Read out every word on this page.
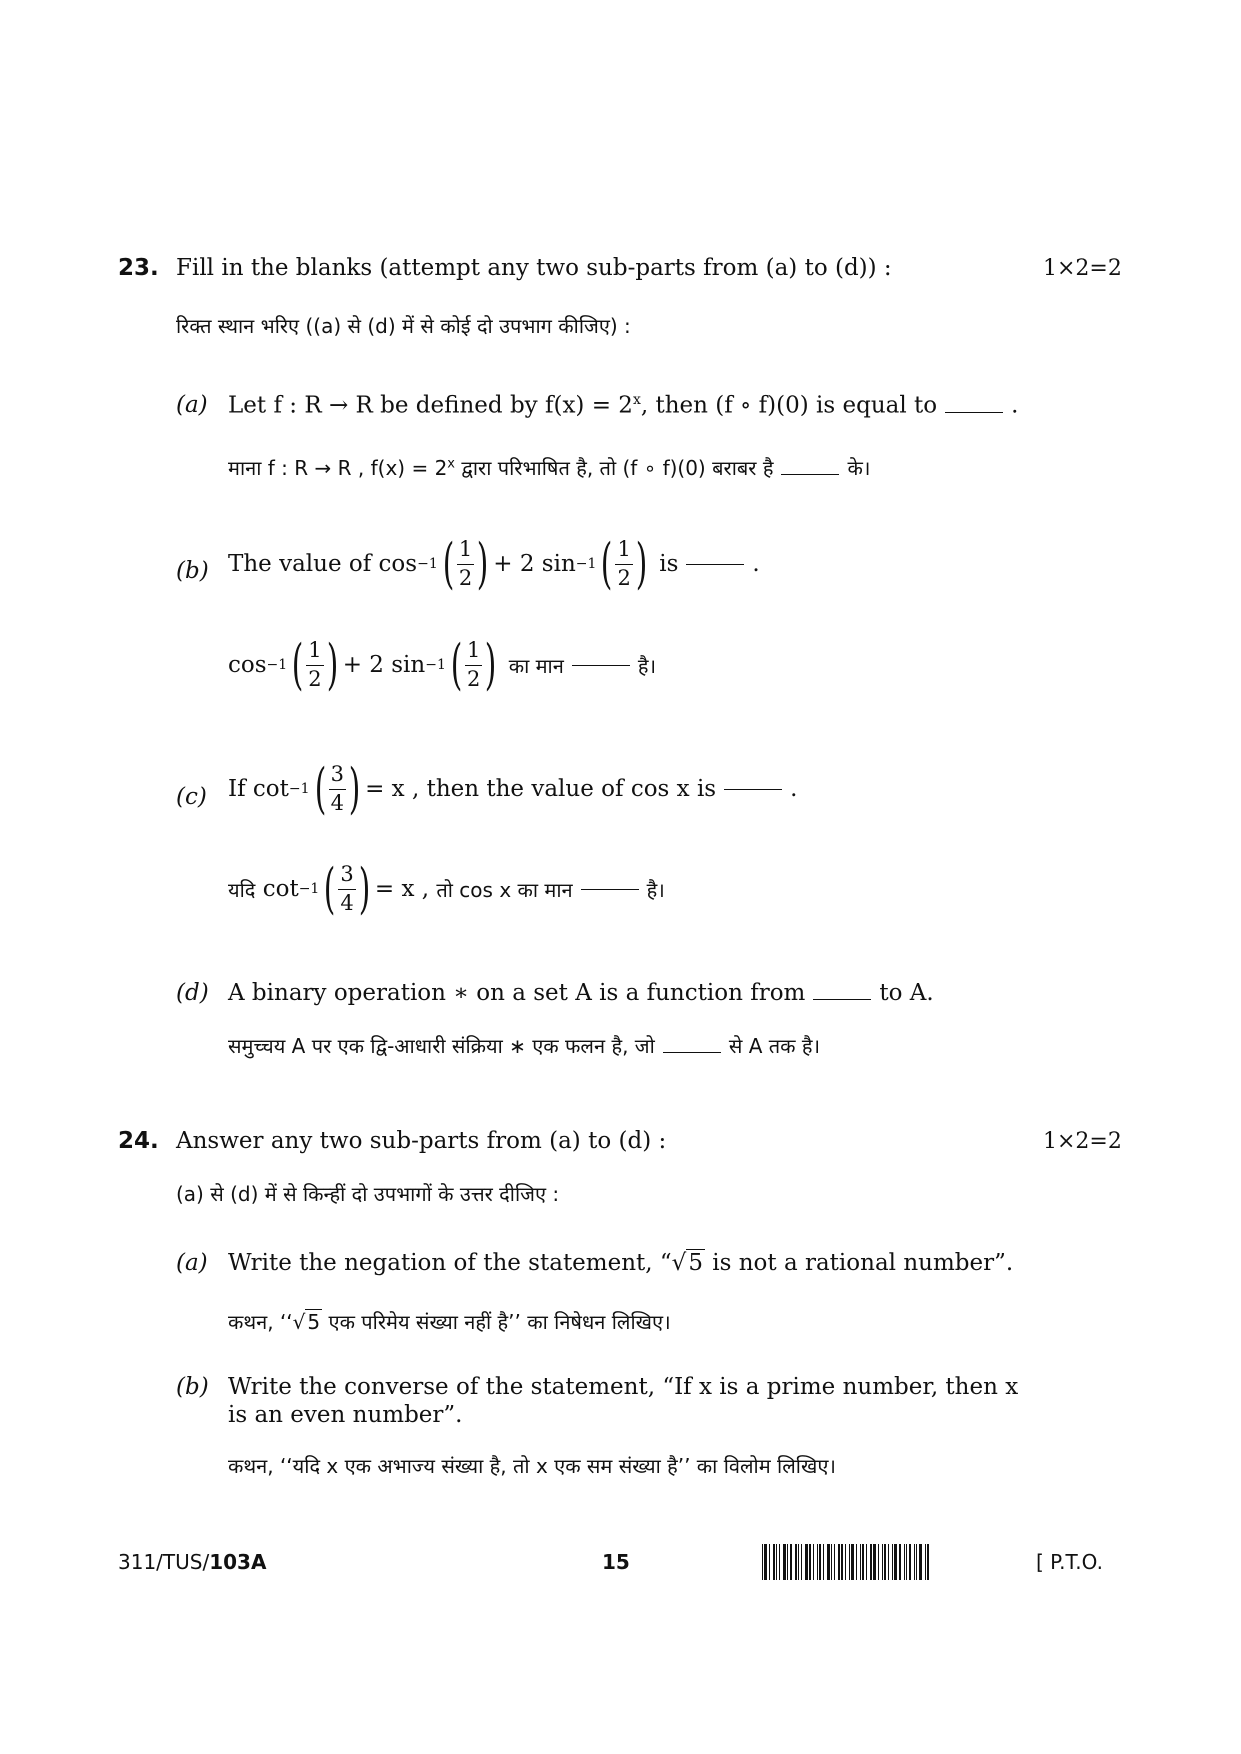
23. Fill in the blanks (attempt any two sub-parts from (a) to (d)) :	1×2=2
रिक्त स्थान भरिए ((a) से (d) में से कोई दो उपभाग कीजिए) :
(a) Let f : R → R be defined by $f(x) = 2^x$, then (f ∘ f)(0) is equal to	.
माना f : R → R , $f(x) = 2^x$ द्वारा परिभाषित है, तो (f ∘ f)(0) बराबर है	के।
(b) The value of
cos −1 ( $\frac{1}{2}$ ) + 2 sin −1 ( $\frac{1}{2}$ )
is	.
cos −1 ( $\frac{1}{2}$ ) + 2 sin −1 ( $\frac{1}{2}$ )
का मान	है।
(c) If
cot −1 ( $\frac{3}{4}$ ) = x ,
then the value of cos x is	.
यदि
cot −1 ( $\frac{3}{4}$ ) = x ,
तो cos x का मान	है।
(d) A binary operation ∗ on a set A is a function from	to A.
समुच्चय A पर एक द्वि-आधारी संक्रिया ∗ एक फलन है, जो	से A तक है।
24. Answer any two sub-parts from (a) to (d) :	1×2=2
(a) से (d) में से किन्हीं दो उपभागों के उत्तर दीजिए :
(a) Write the negation of the statement, “√5 is not a rational number”.
कथन, ‘‘√ 5 एक परिमेय संख्या नहीं है’’ का निषेधन लिखिए।
(b) Write the converse of the statement, “If x is a prime number, then x
is an even number”.
कथन, ‘‘यदि x एक अभाज्य संख्या है, तो x एक सम संख्या है’’ का विलोम लिखिए।
311/TUS/103A	15	[ P.T.O.
